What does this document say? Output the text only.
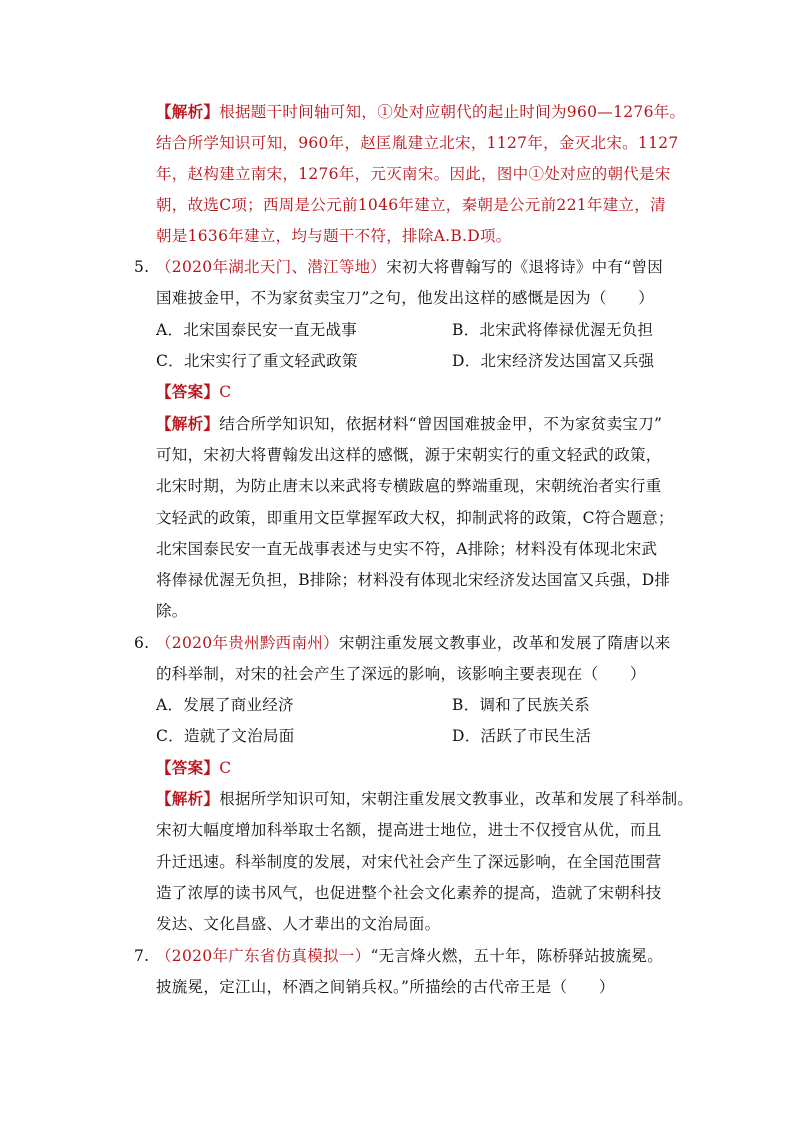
【解析】根据题干时间轴可知，①处对应朝代的起止时间为960—1276年。
结合所学知识可知，960年，赵匡胤建立北宋，1127年，金灭北宋。1127
年，赵构建立南宋，1276年，元灭南宋。因此，图中①处对应的朝代是宋
朝，故选C项；西周是公元前1046年建立，秦朝是公元前221年建立，清
朝是1636年建立，均与题干不符，排除A.B.D项。
5. （2020年湖北天门、潜江等地）宋初大将曹翰写的《退将诗》中有“曾因
国难披金甲，不为家贫卖宝刀”之句，他发出这样的感慨是因为（　　）
A．北宋国泰民安一直无战事	B．北宋武将俸禄优渥无负担
C．北宋实行了重文轻武政策	D．北宋经济发达国富又兵强
【答案】C
【解析】结合所学知识知，依据材料“曾因国难披金甲，不为家贫卖宝刀”
可知，宋初大将曹翰发出这样的感慨，源于宋朝实行的重文轻武的政策，
北宋时期，为防止唐末以来武将专横跋扈的弊端重现，宋朝统治者实行重
文轻武的政策，即重用文臣掌握军政大权，抑制武将的政策，C符合题意；
北宋国泰民安一直无战事表述与史实不符，A排除；材料没有体现北宋武
将俸禄优渥无负担，B排除；材料没有体现北宋经济发达国富又兵强，D排
除。
6. （2020年贵州黔西南州）宋朝注重发展文教事业，改革和发展了隋唐以来
的科举制，对宋的社会产生了深远的影响，该影响主要表现在（　　）
A．发展了商业经济	B．调和了民族关系
C．造就了文治局面	D．活跃了市民生活
【答案】C
【解析】根据所学知识可知，宋朝注重发展文教事业，改革和发展了科举制。
宋初大幅度增加科举取士名额，提高进士地位，进士不仅授官从优，而且
升迁迅速。科举制度的发展，对宋代社会产生了深远影响，在全国范围营
造了浓厚的读书风气，也促进整个社会文化素养的提高，造就了宋朝科技
发达、文化昌盛、人才辈出的文治局面。
7. （2020年广东省仿真模拟一）“无言烽火燃，五十年，陈桥驿站披旒冕。
披旒冕，定江山，杯酒之间销兵权。”所描绘的古代帝王是（　　）
